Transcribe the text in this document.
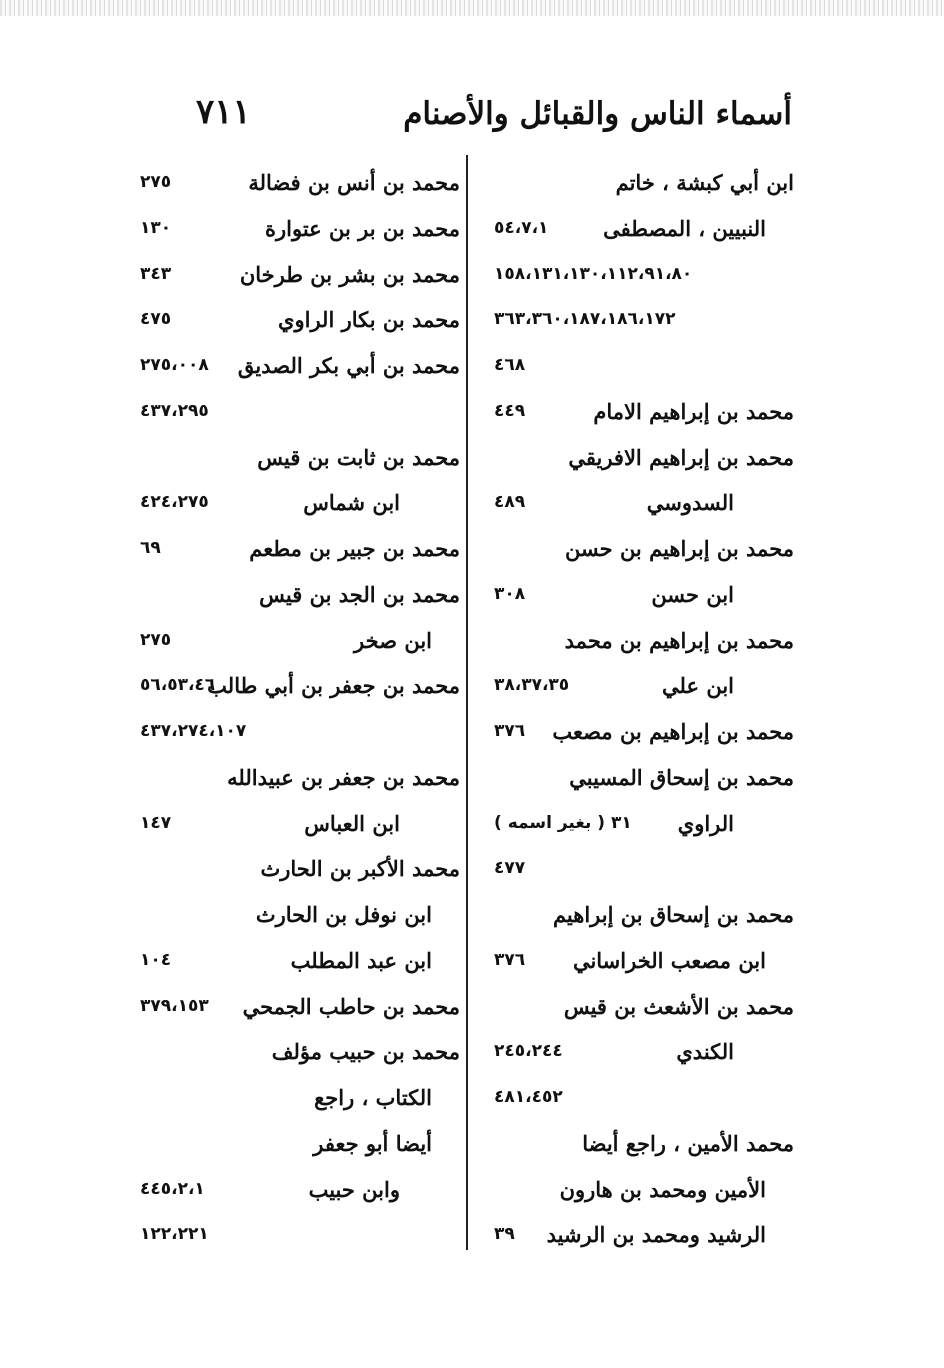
أسماء الناس والقبائل والأصنام
٧١١
ابن أبي كبشة ، خاتم
النبيين ، المصطفى
٥٤،٧،١
١٥٨،١٣١،١٣٠،١١٢،٩١،٨٠
٣٦٣،٣٦٠،١٨٧،١٨٦،١٧٢
٤٦٨
محمد بن إبراهيم الامام
٤٤٩
محمد بن إبراهيم الافريقي
السدوسي
٤٨٩
محمد بن إبراهيم بن حسن
ابن حسن
٣٠٨
محمد بن إبراهيم بن محمد
ابن علي
٣٨،٣٧،٣٥
محمد بن إبراهيم بن مصعب
٣٧٦
محمد بن إسحاق المسيبي
الراوي
٣١ ( بغير اسمه )
٤٧٧
محمد بن إسحاق بن إبراهيم
ابن مصعب الخراساني
٣٧٦
محمد بن الأشعث بن قيس
الكندي
٢٤٥،٢٤٤
٤٨١،٤٥٢
محمد الأمين ، راجع أيضا
الأمين ومحمد بن هارون
الرشيد ومحمد بن الرشيد
٣٩
محمد بن أنس بن فضالة
٢٧٥
محمد بن بر بن عتوارة
١٣٠
محمد بن بشر بن طرخان
٣٤٣
محمد بن بكار الراوي
٤٧٥
محمد بن أبي بكر الصديق
٢٧٥،٠٠٨
٤٣٧،٢٩٥
محمد بن ثابت بن قيس
ابن شماس
٤٢٤،٢٧٥
محمد بن جبير بن مطعم
٦٩
محمد بن الجد بن قيس
ابن صخر
٢٧٥
محمد بن جعفر بن أبي طالب
٥٦،٥٣،٤٦
٤٣٧،٢٧٤،١٠٧
محمد بن جعفر بن عبيدالله
ابن العباس
١٤٧
محمد الأكبر بن الحارث
ابن نوفل بن الحارث
ابن عبد المطلب
١٠٤
محمد بن حاطب الجمحي
٣٧٩،١٥٣
محمد بن حبيب مؤلف
الكتاب ، راجع
أيضا أبو جعفر
وابن حبيب
٤٤٥،٢،١
١٢٢،٢٢١
